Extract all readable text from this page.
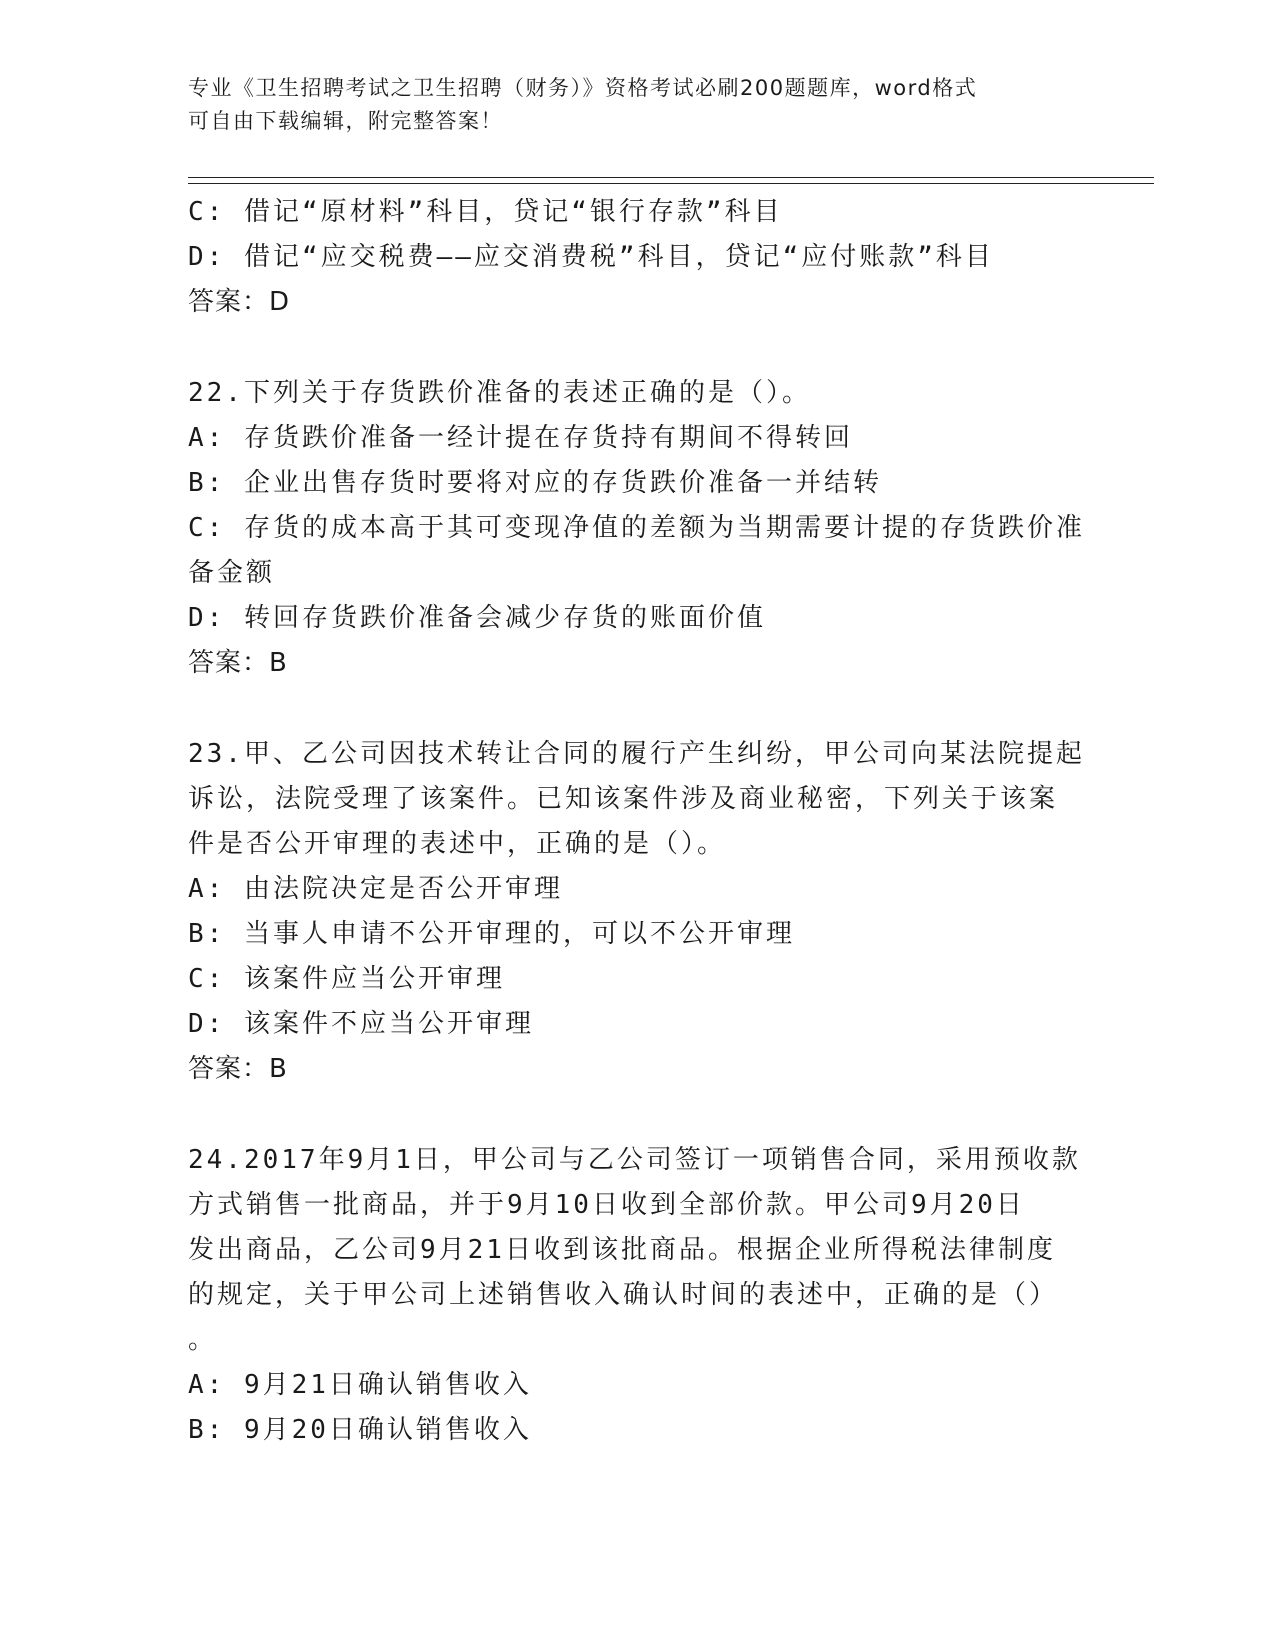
专业《卫生招聘考试之卫生招聘（财务）》资格考试必刷200题题库，word格式
可自由下载编辑，附完整答案！
C: 借记“原材料”科目，贷记“银行存款”科目
D: 借记“应交税费——应交消费税”科目，贷记“应付账款”科目
答案：D
22.下列关于存货跌价准备的表述正确的是（）。
A: 存货跌价准备一经计提在存货持有期间不得转回
B: 企业出售存货时要将对应的存货跌价准备一并结转
C: 存货的成本高于其可变现净值的差额为当期需要计提的存货跌价准
备金额
D: 转回存货跌价准备会减少存货的账面价值
答案：B
23.甲、乙公司因技术转让合同的履行产生纠纷，甲公司向某法院提起
诉讼，法院受理了该案件。已知该案件涉及商业秘密，下列关于该案
件是否公开审理的表述中，正确的是（）。
A: 由法院决定是否公开审理
B: 当事人申请不公开审理的，可以不公开审理
C: 该案件应当公开审理
D: 该案件不应当公开审理
答案：B
24.2017年9月1日，甲公司与乙公司签订一项销售合同，采用预收款
方式销售一批商品，并于9月10日收到全部价款。甲公司9月20日
发出商品，乙公司9月21日收到该批商品。根据企业所得税法律制度
的规定，关于甲公司上述销售收入确认时间的表述中，正确的是（）
。
A: 9月21日确认销售收入
B: 9月20日确认销售收入
